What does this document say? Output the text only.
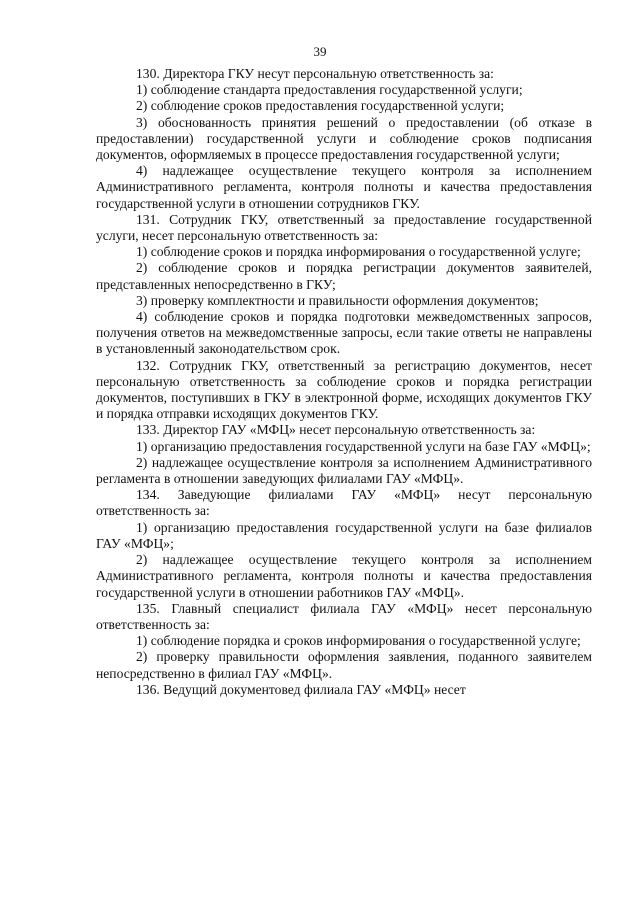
39

130. Директора ГКУ несут персональную ответственность за:

1) соблюдение стандарта предоставления государственной услуги;

2) соблюдение сроков предоставления государственной услуги;

3) обоснованность принятия решений о предоставлении (об отказе в предоставлении) государственной услуги и соблюдение сроков подписания документов, оформляемых в процессе предоставления государственной услуги;

4) надлежащее осуществление текущего контроля за исполнением Административного регламента, контроля полноты и качества предоставления государственной услуги в отношении сотрудников ГКУ.

131. Сотрудник ГКУ, ответственный за предоставление государственной услуги, несет персональную ответственность за:

1) соблюдение сроков и порядка информирования о государственной услуге;

2) соблюдение сроков и порядка регистрации документов заявителей, представленных непосредственно в ГКУ;

3) проверку комплектности и правильности оформления документов;

4) соблюдение сроков и порядка подготовки межведомственных запросов, получения ответов на межведомственные запросы, если такие ответы не направлены в установленный законодательством срок.

132. Сотрудник ГКУ, ответственный за регистрацию документов, несет персональную ответственность за соблюдение сроков и порядка регистрации документов, поступивших в ГКУ в электронной форме, исходящих документов ГКУ и порядка отправки исходящих документов ГКУ.

133. Директор ГАУ «МФЦ» несет персональную ответственность за:

1) организацию предоставления государственной услуги на базе ГАУ «МФЦ»;

2) надлежащее осуществление контроля за исполнением Административного регламента в отношении заведующих филиалами ГАУ «МФЦ».

134. Заведующие филиалами ГАУ «МФЦ» несут персональную ответственность за:

1) организацию предоставления государственной услуги на базе филиалов ГАУ «МФЦ»;

2) надлежащее осуществление текущего контроля за исполнением Административного регламента, контроля полноты и качества предоставления государственной услуги в отношении работников ГАУ «МФЦ».

135. Главный специалист филиала ГАУ «МФЦ» несет персональную ответственность за:

1) соблюдение порядка и сроков информирования о государственной услуге;

2) проверку правильности оформления заявления, поданного заявителем непосредственно в филиал ГАУ «МФЦ».

136. Ведущий документовед филиала ГАУ «МФЦ» несет
